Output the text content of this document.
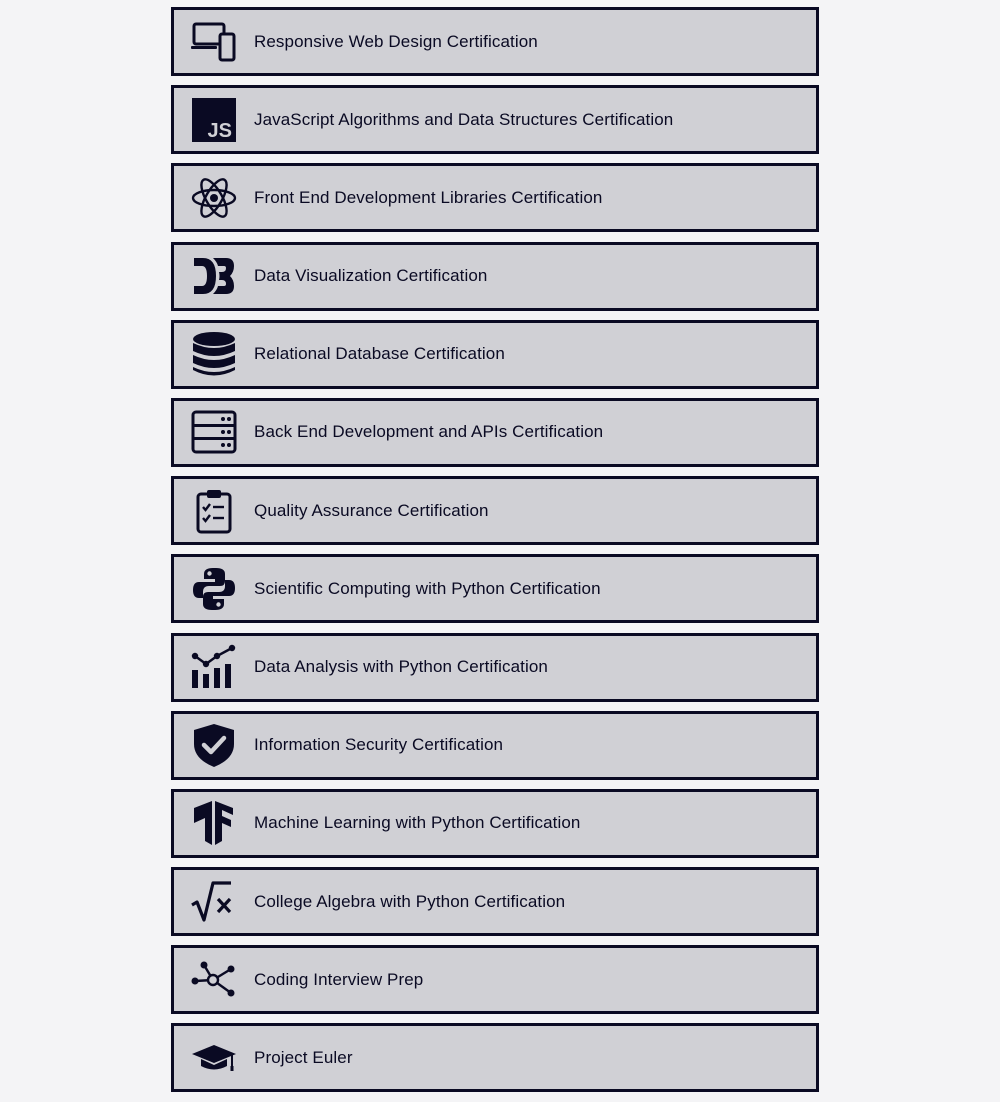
Responsive Web Design Certification
JS
JavaScript Algorithms and Data Structures Certification
Front End Development Libraries Certification
Data Visualization Certification
Relational Database Certification
Back End Development and APIs Certification
Quality Assurance Certification
Scientific Computing with Python Certification
Data Analysis with Python Certification
Information Security Certification
Machine Learning with Python Certification
College Algebra with Python Certification
Coding Interview Prep
Project Euler
